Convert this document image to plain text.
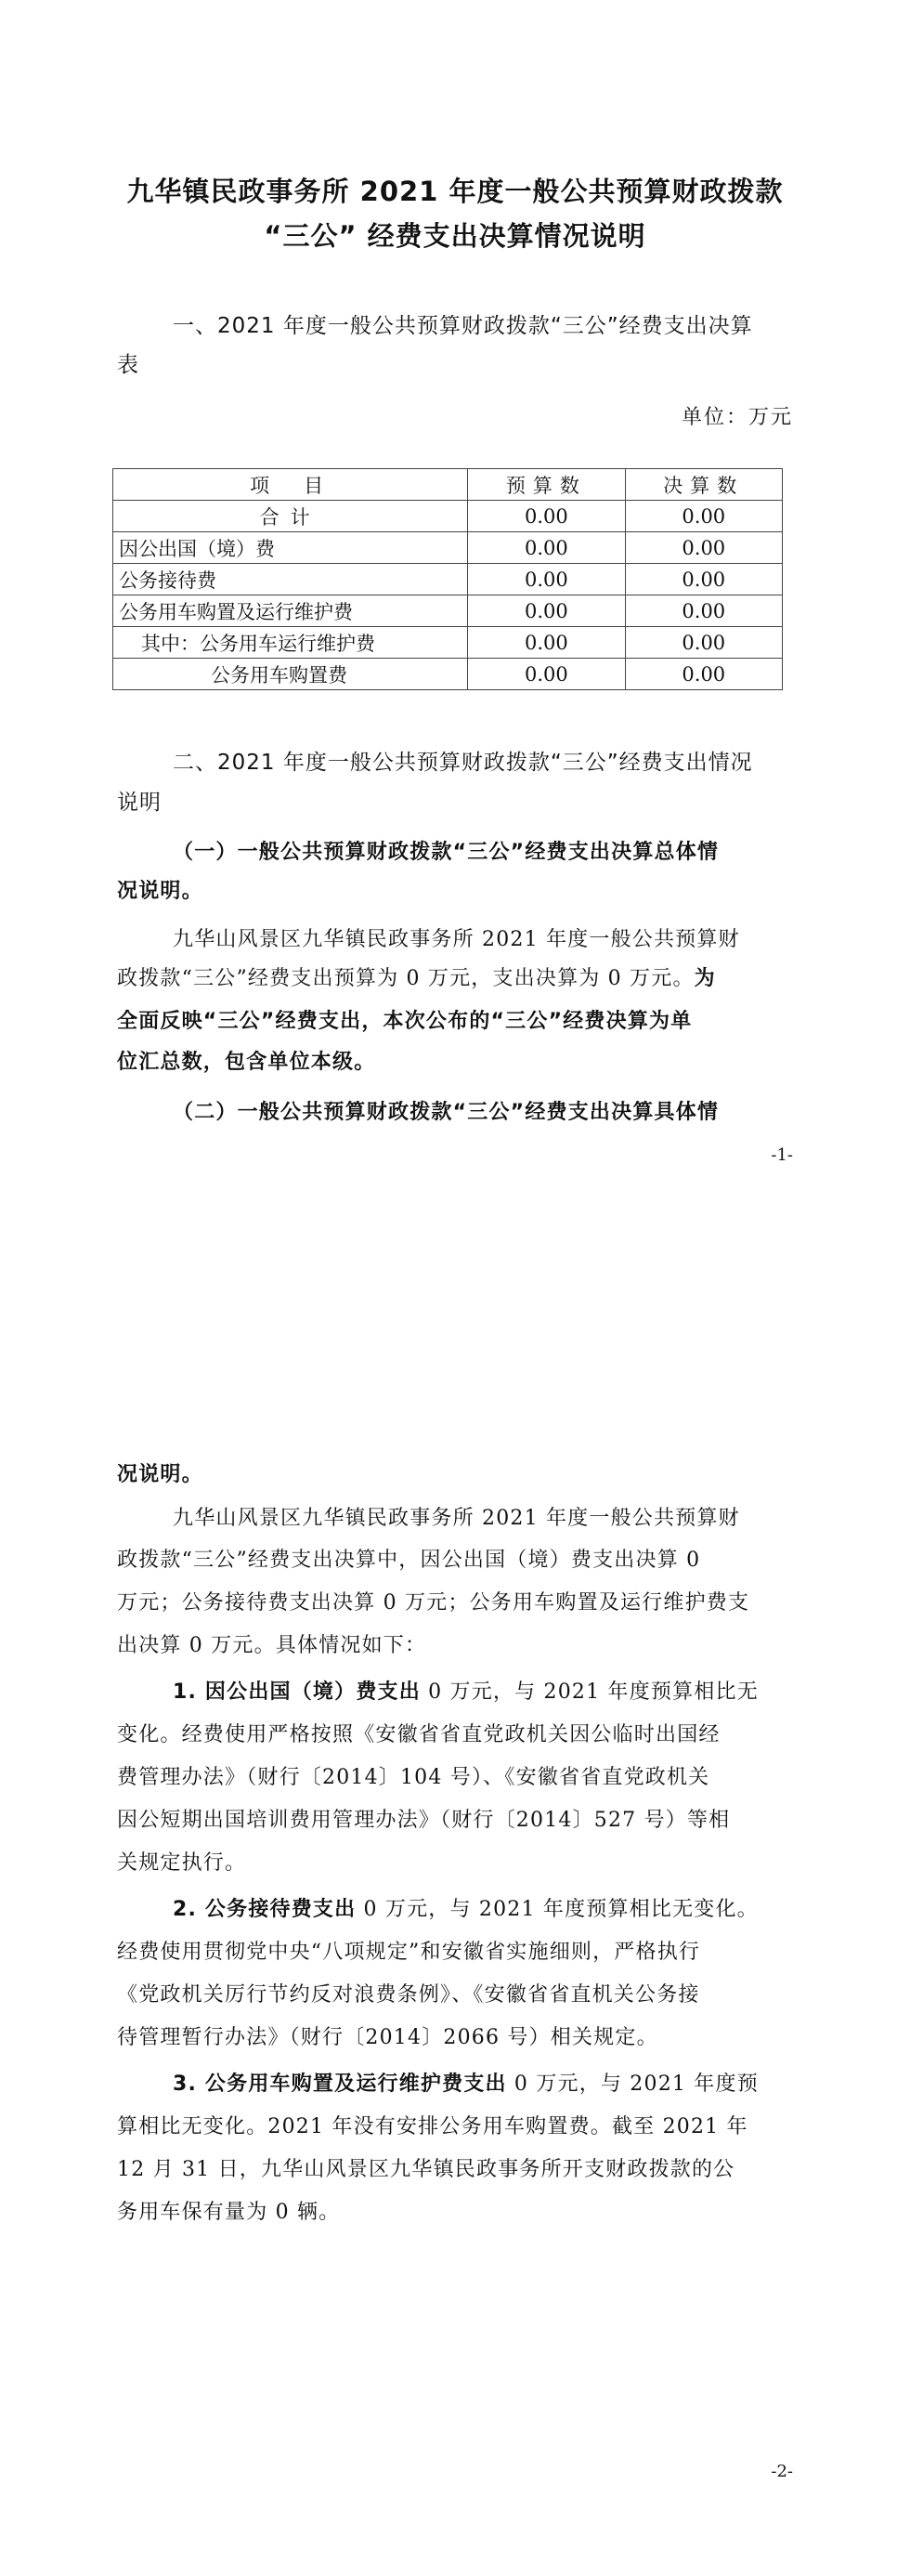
九华镇民政事务所 2021 年度一般公共预算财政拨款
“三公” 经费支出决算情况说明
一、2021 年度一般公共预算财政拨款“三公”经费支出决算
表
单位：万元
项　目	预算数	决算数
合计	0.00	0.00
因公出国（境）费	0.00	0.00
公务接待费	0.00	0.00
公务用车购置及运行维护费	0.00	0.00
其中：公务用车运行维护费	0.00	0.00
公务用车购置费	0.00	0.00
二、2021 年度一般公共预算财政拨款“三公”经费支出情况
说明
（一）一般公共预算财政拨款“三公”经费支出决算总体情
况说明。
九华山风景区九华镇民政事务所 2021 年度一般公共预算财
政拨款“三公”经费支出预算为 0 万元，支出决算为 0 万元。为
全面反映“三公”经费支出，本次公布的“三公”经费决算为单
位汇总数，包含单位本级。
（二）一般公共预算财政拨款“三公”经费支出决算具体情
-1-
况说明。
九华山风景区九华镇民政事务所 2021 年度一般公共预算财
政拨款“三公”经费支出决算中，因公出国（境）费支出决算 0
万元；公务接待费支出决算 0 万元；公务用车购置及运行维护费支
出决算 0 万元。具体情况如下：
1. 因公出国（境）费支出 0 万元，与 2021 年度预算相比无
变化。经费使用严格按照《安徽省省直党政机关因公临时出国经
费管理办法》（财行〔2014〕104 号）、《安徽省省直党政机关
因公短期出国培训费用管理办法》（财行〔2014〕527 号）等相
关规定执行。
2. 公务接待费支出 0 万元，与 2021 年度预算相比无变化。
经费使用贯彻党中央“八项规定”和安徽省实施细则，严格执行
《党政机关厉行节约反对浪费条例》、《安徽省省直机关公务接
待管理暂行办法》（财行〔2014〕2066 号）相关规定。
3. 公务用车购置及运行维护费支出 0 万元，与 2021 年度预
算相比无变化。2021 年没有安排公务用车购置费。截至 2021 年
12 月 31 日，九华山风景区九华镇民政事务所开支财政拨款的公
务用车保有量为 0 辆。
-2-
